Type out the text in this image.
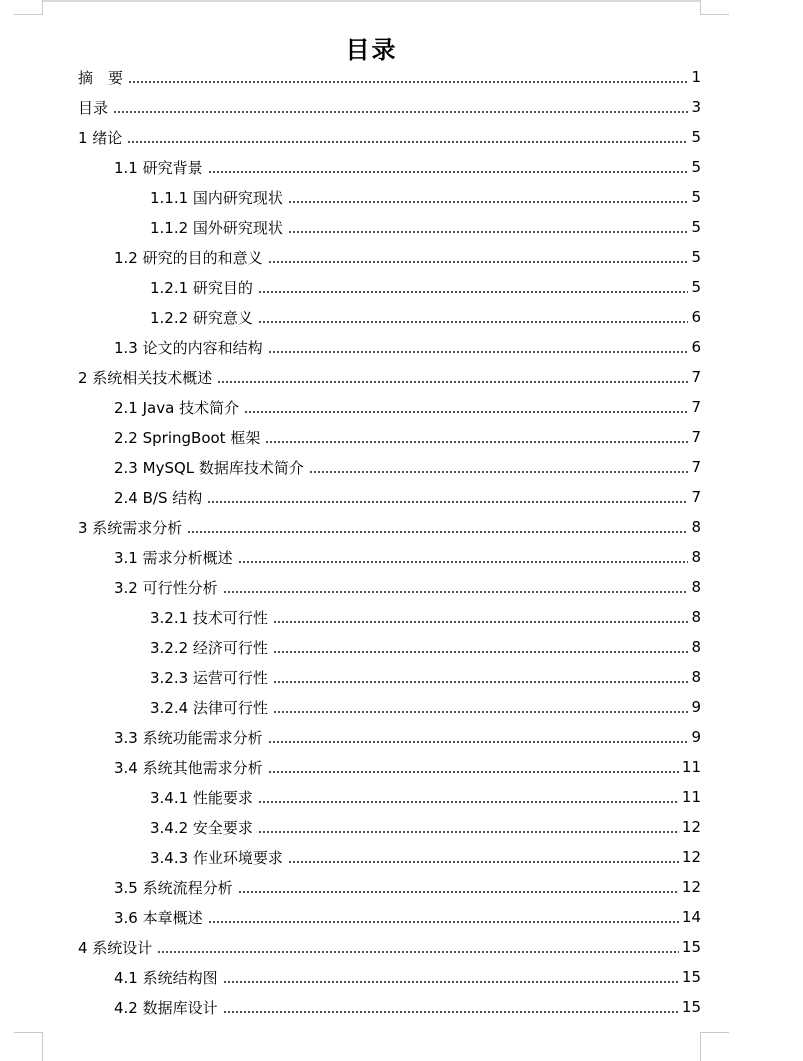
目录
摘　要	1
目录	3
1 绪论	5
1.1 研究背景	5
1.1.1 国内研究现状	5
1.1.2 国外研究现状	5
1.2 研究的目的和意义	5
1.2.1 研究目的	5
1.2.2 研究意义	6
1.3 论文的内容和结构	6
2 系统相关技术概述	7
2.1 Java 技术简介	7
2.2 SpringBoot 框架	7
2.3 MySQL 数据库技术简介	7
2.4 B/S 结构	7
3 系统需求分析	8
3.1 需求分析概述	8
3.2 可行性分析	8
3.2.1 技术可行性	8
3.2.2 经济可行性	8
3.2.3 运营可行性	8
3.2.4 法律可行性	9
3.3 系统功能需求分析	9
3.4 系统其他需求分析	11
3.4.1 性能要求	11
3.4.2 安全要求	12
3.4.3 作业环境要求	12
3.5 系统流程分析	12
3.6 本章概述	14
4 系统设计	15
4.1 系统结构图	15
4.2 数据库设计	15
